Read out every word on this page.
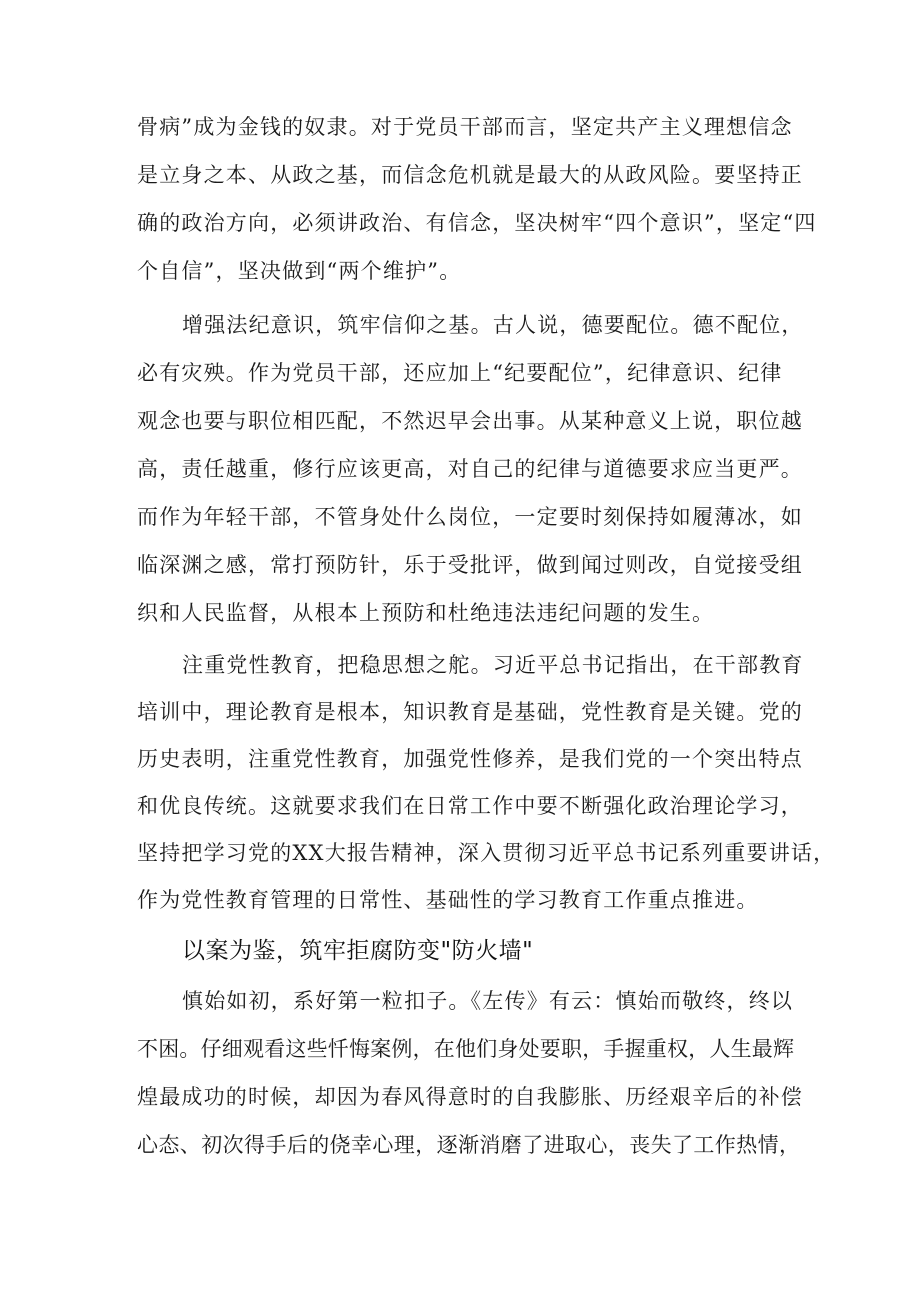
骨病”成为金钱的奴隶。对于党员干部而言，坚定共产主义理想信念
是立身之本、从政之基，而信念危机就是最大的从政风险。要坚持正
确的政治方向，必须讲政治、有信念，坚决树牢“四个意识”，坚定“四
个自信”，坚决做到“两个维护”。
增强法纪意识，筑牢信仰之基。古人说，德要配位。德不配位，
必有灾殃。作为党员干部，还应加上“纪要配位”，纪律意识、纪律
观念也要与职位相匹配，不然迟早会出事。从某种意义上说，职位越
高，责任越重，修行应该更高，对自己的纪律与道德要求应当更严。
而作为年轻干部，不管身处什么岗位，一定要时刻保持如履薄冰，如
临深渊之感，常打预防针，乐于受批评，做到闻过则改，自觉接受组
织和人民监督，从根本上预防和杜绝违法违纪问题的发生。
注重党性教育，把稳思想之舵。习近平总书记指出，在干部教育
培训中，理论教育是根本，知识教育是基础，党性教育是关键。党的
历史表明，注重党性教育，加强党性修养，是我们党的一个突出特点
和优良传统。这就要求我们在日常工作中要不断强化政治理论学习，
坚持把学习党的XX大报告精神，深入贯彻习近平总书记系列重要讲话，
作为党性教育管理的日常性、基础性的学习教育工作重点推进。
以案为鉴，筑牢拒腐防变"防火墙"
慎始如初，系好第一粒扣子。《左传》有云：慎始而敬终，终以
不困。仔细观看这些忏悔案例，在他们身处要职，手握重权，人生最辉
煌最成功的时候，却因为春风得意时的自我膨胀、历经艰辛后的补偿
心态、初次得手后的侥幸心理，逐渐消磨了进取心，丧失了工作热情，
